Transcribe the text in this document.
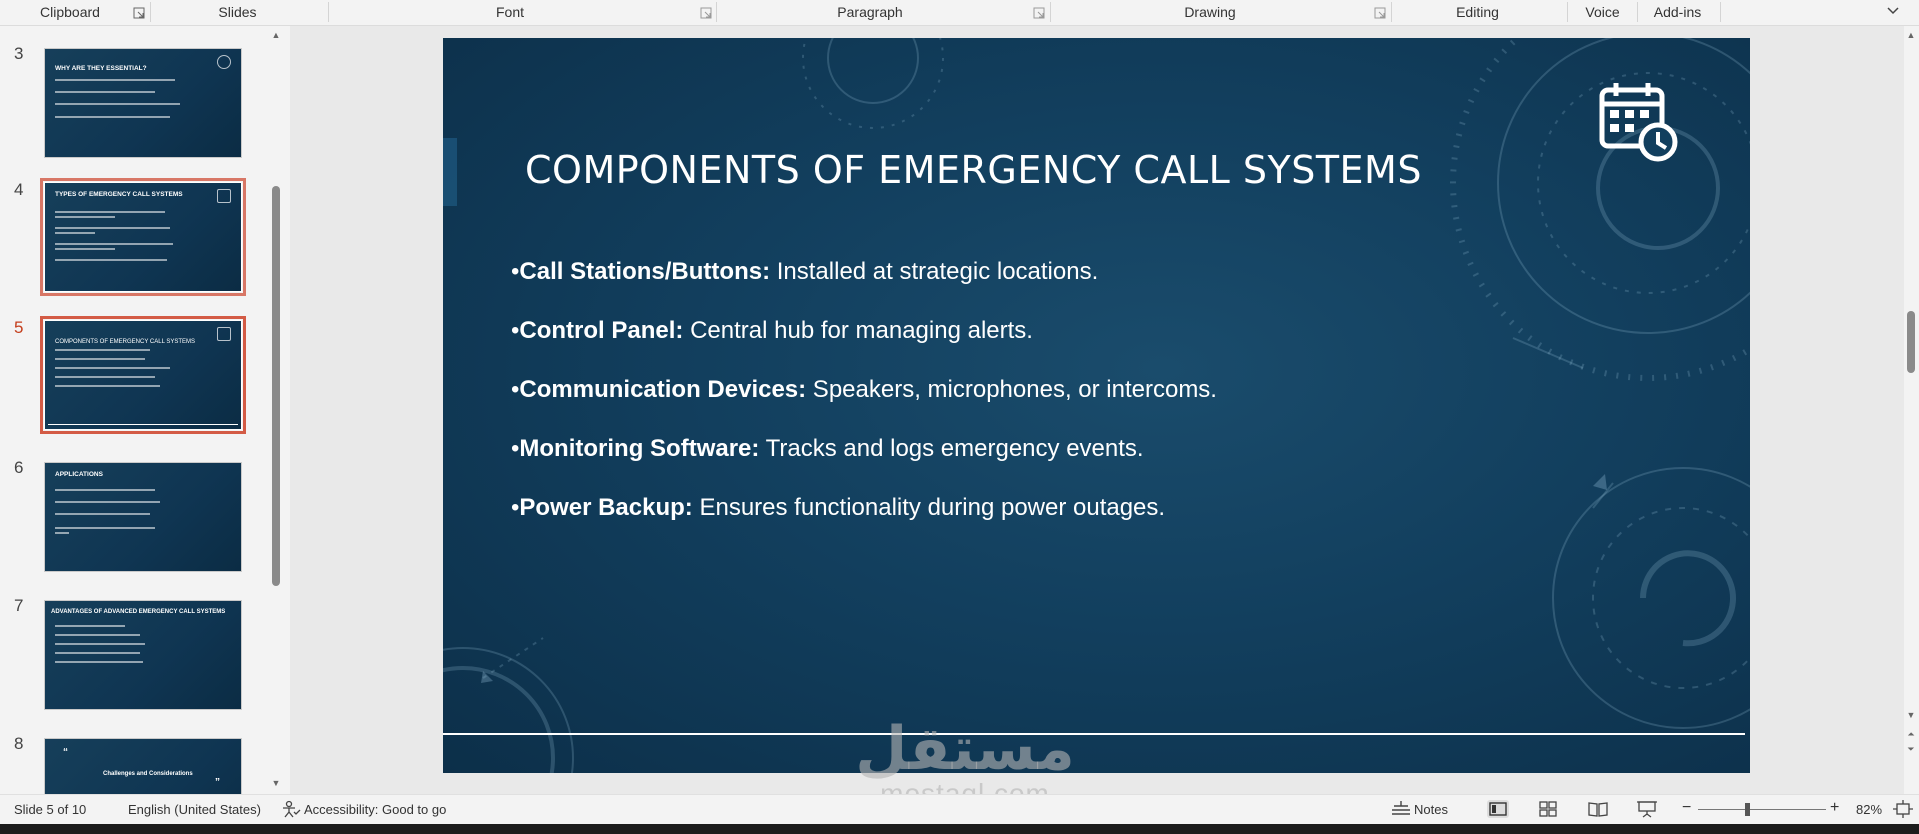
Clipboard	Slides	Font	Paragraph	Drawing	Editing	Voice	Add-ins
3
WHY ARE THEY ESSENTIAL?
4	TYPES OF EMERGENCY CALL SYSTEMS
5
COMPONENTS OF EMERGENCY CALL SYSTEMS
6	APPLICATIONS
7	ADVANTAGES OF ADVANCED EMERGENCY CALL SYSTEMS
8	“
Challenges and Considerations
”
▲
▼
COMPONENTS OF EMERGENCY CALL SYSTEMS
•Call Stations/Buttons: Installed at strategic locations.
•Control Panel: Central hub for managing alerts.
•Communication Devices: Speakers, microphones, or intercoms.
•Monitoring Software: Tracks and logs emergency events.
•Power Backup: Ensures functionality during power outages.
▲
▼
⏶
⏷
مستقل
Slide 5 of 10	English (United States)	Accessibility: Good to go	Notes	−	+ 82%
